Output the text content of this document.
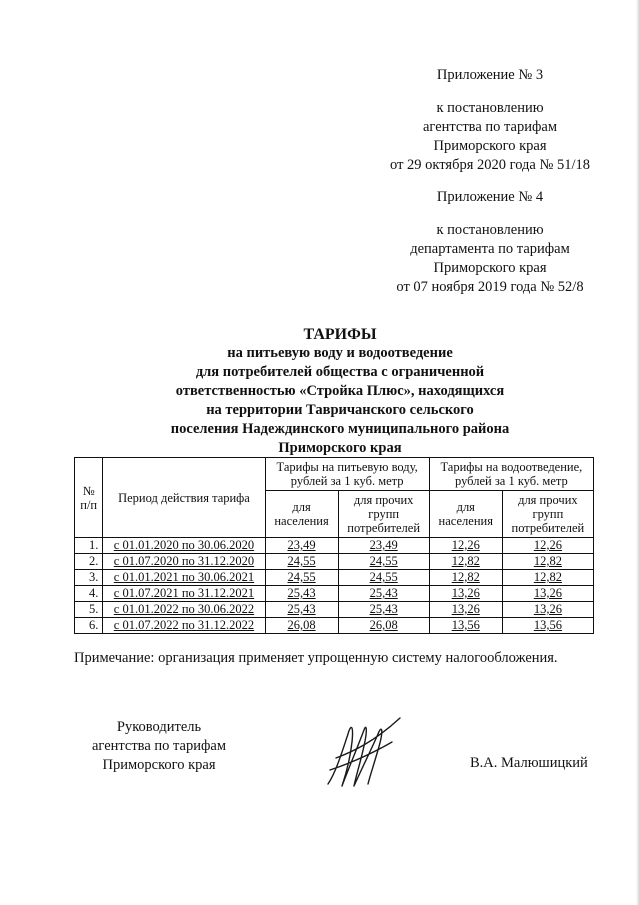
Приложение № 3
к постановлению
агентства по тарифам
Приморского края
от 29 октября 2020 года № 51/18
Приложение № 4
к постановлению
департамента по тарифам
Приморского края
от 07 ноября 2019 года № 52/8
ТАРИФЫ
на питьевую воду и водоотведение
для потребителей общества с ограниченной
ответственностью «Стройка Плюс», находящихся
на территории Тавричанского сельского
поселения Надеждинского муниципального района
Приморского края
№ п/п	Период действия тарифа	Тарифы на питьевую воду, рублей за 1 куб. метр		Тарифы на водоотведение, рублей за 1 куб. метр	
		для населения	для прочих групп потребителей	для населения	для прочих групп потребителей
1.	с 01.01.2020 по 30.06.2020	23,49	23,49	12,26	12,26
2.	с 01.07.2020 по 31.12.2020	24,55	24,55	12,82	12,82
3.	с 01.01.2021 по 30.06.2021	24,55	24,55	12,82	12,82
4.	с 01.07.2021 по 31.12.2021	25,43	25,43	13,26	13,26
5.	с 01.01.2022 по 30.06.2022	25,43	25,43	13,26	13,26
6.	с 01.07.2022 по 31.12.2022	26,08	26,08	13,56	13,56
Примечание: организация применяет упрощенную систему налогообложения.
Руководитель
агентства по тарифам
Приморского края	В.А. Малюшицкий
